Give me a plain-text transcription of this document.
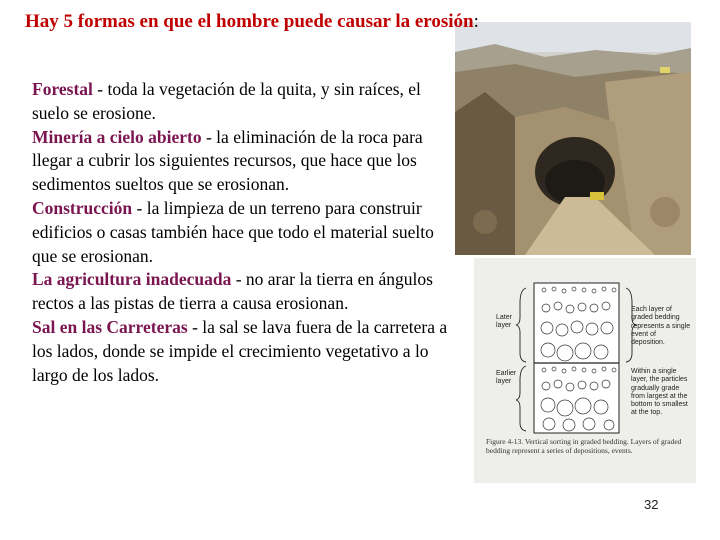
Hay 5 formas en que el hombre puede causar la erosión:
Forestal - toda la vegetación de la quita, y sin raíces, el suelo se erosione.
Minería a cielo abierto - la eliminación de la roca para llegar a cubrir los siguientes recursos, que hace que los sedimentos sueltos que se erosionan.
Construcción - la limpieza de un terreno para construir edificios o casas también hace que todo el material suelto que se erosionan.
La agricultura inadecuada - no arar la tierra en ángulos rectos a las pistas de tierra a causa erosionan.
Sal en las Carreteras - la sal se lava fuera de la carretera a los lados, donde se impide el crecimiento vegetativo a lo largo de los lados.
Later layer
Earlier layer
Each layer of graded bedding represents a single event of deposition.
Within a single layer, the particles gradually grade from largest at the bottom to smallest at the top.
Figure 4-13. Vertical sorting in graded bedding. Layers of graded bedding represent a series of depositions, events.
32
